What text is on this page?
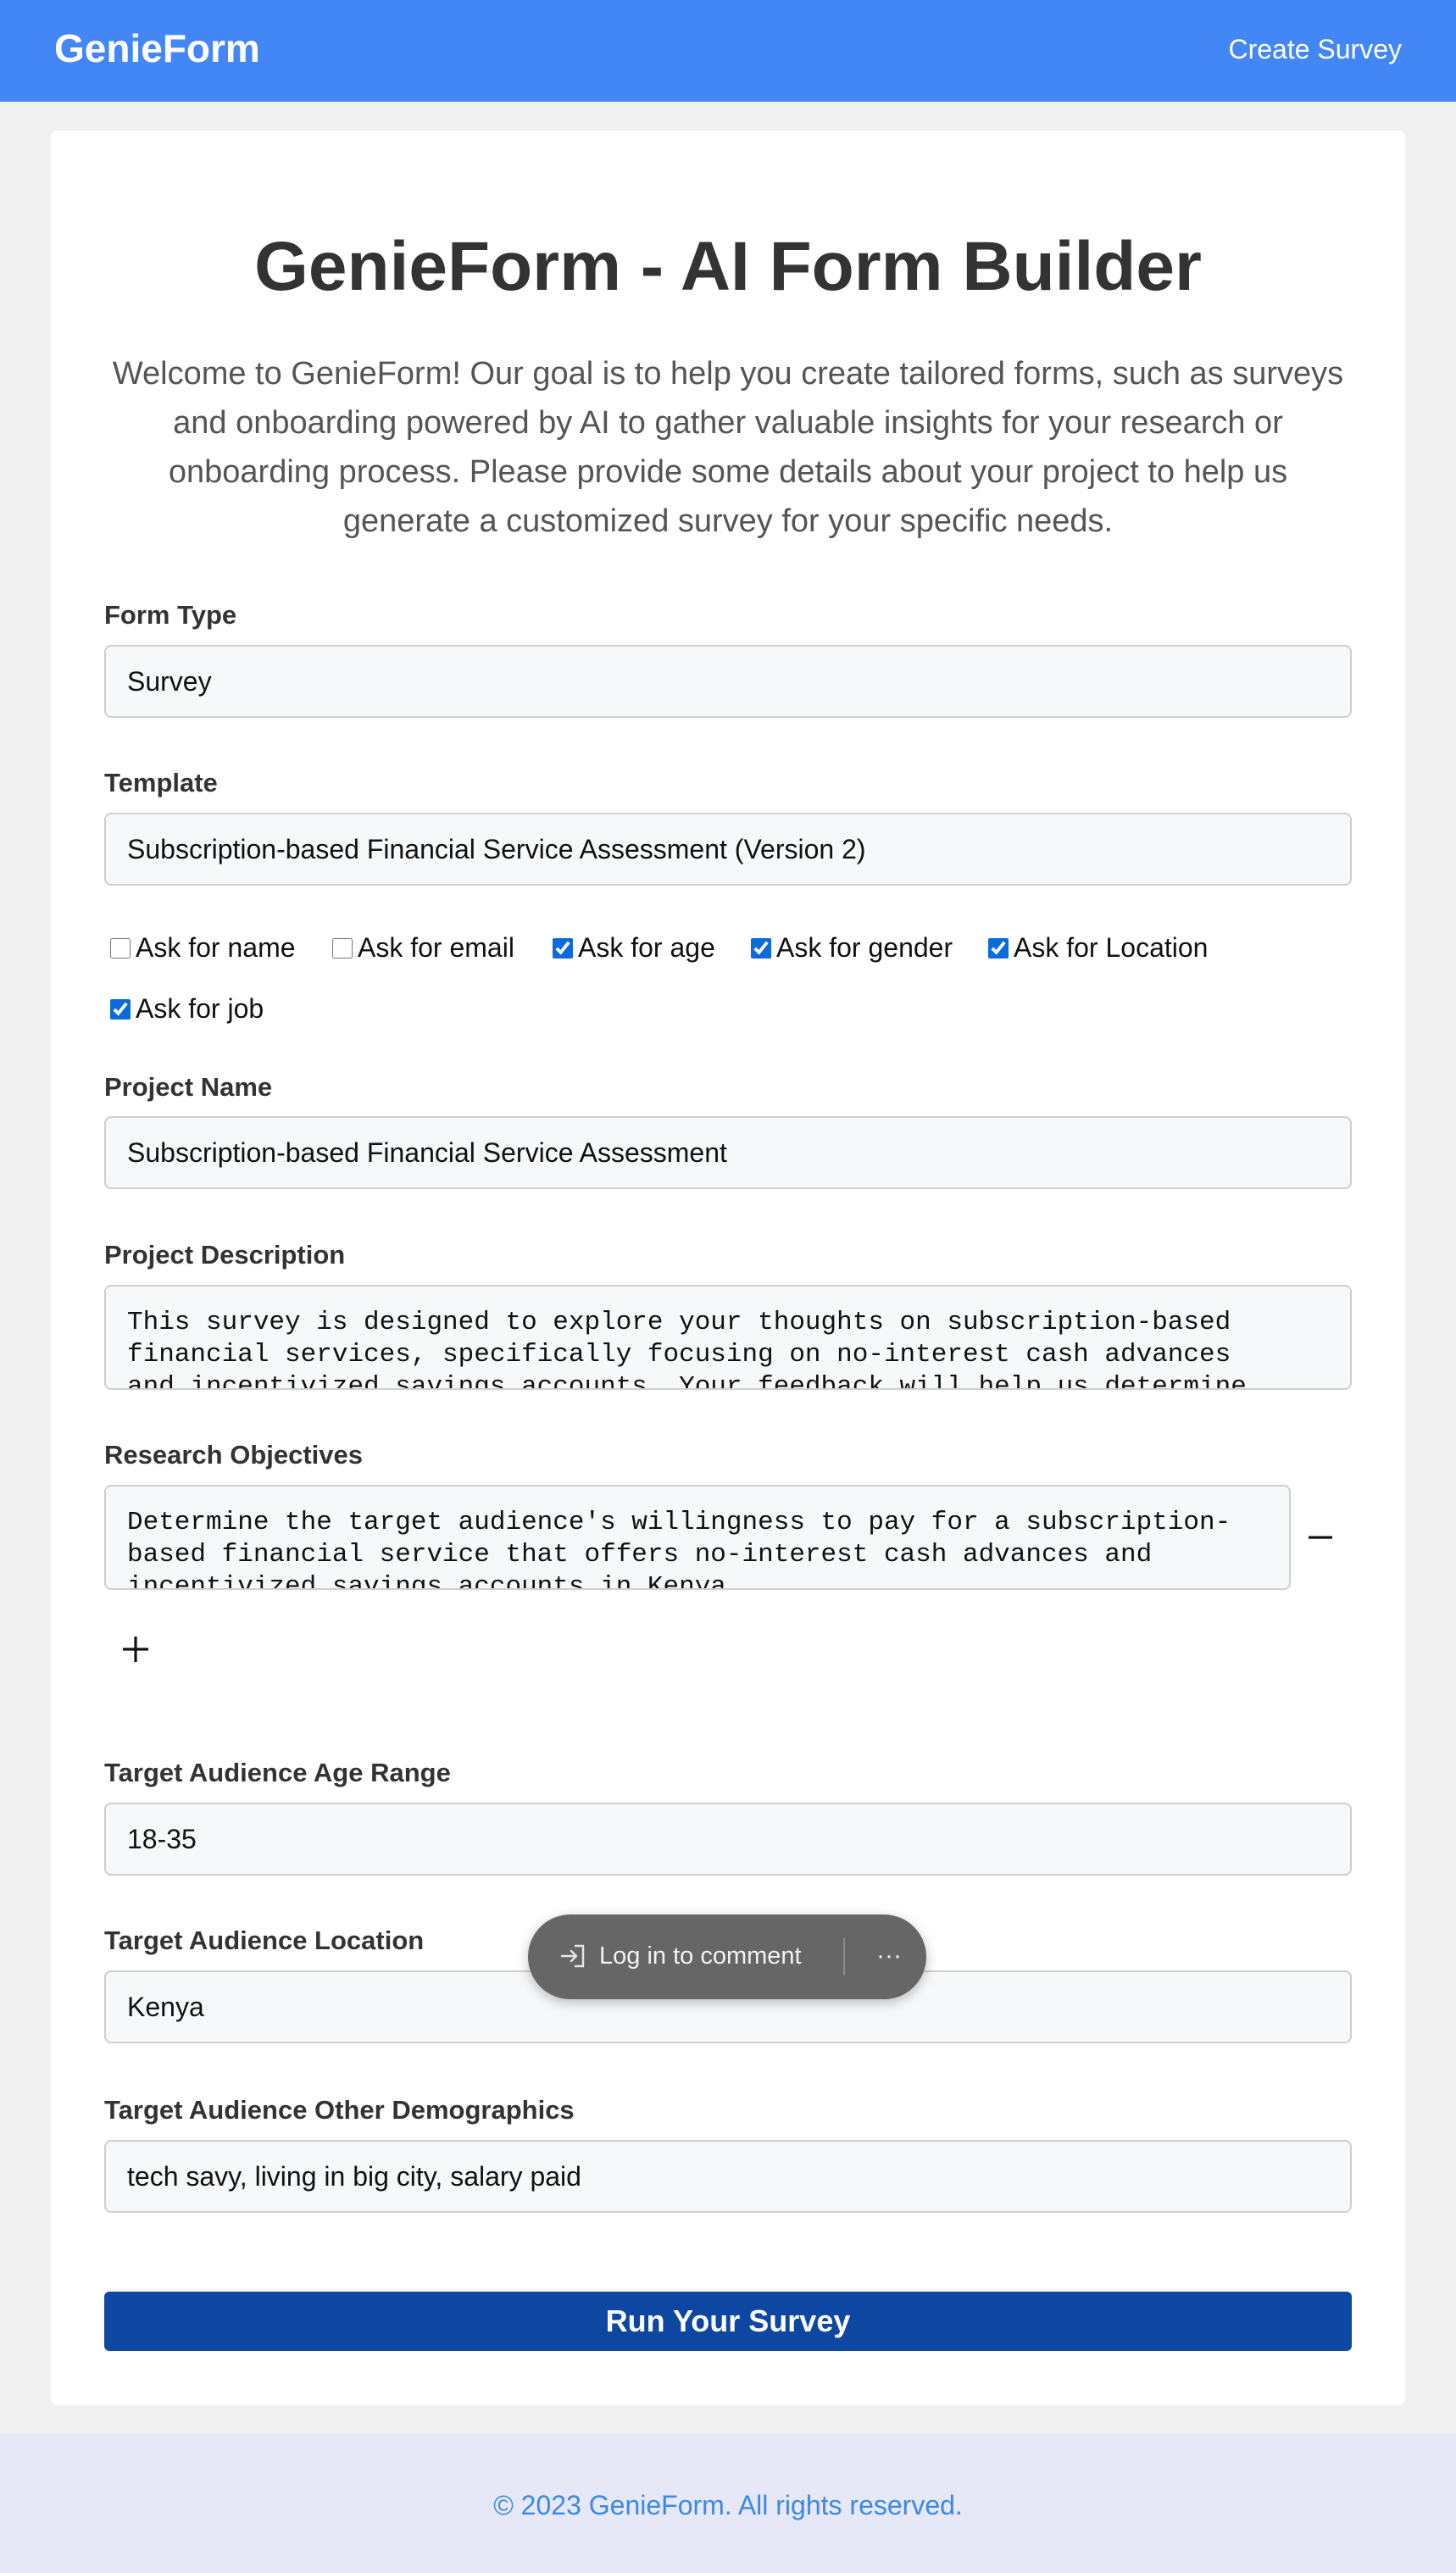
GenieForm	Create Survey
GenieForm - AI Form Builder

Welcome to GenieForm! Our goal is to help you create tailored forms, such as surveys and onboarding powered by AI to gather valuable insights for your research or onboarding process. Please provide some details about your project to help us generate a customized survey for your specific needs.

Form Type
Survey
Template
Subscription-based Financial Service Assessment (Version 2)
Ask for name Ask for email Ask for age Ask for gender Ask for Location
Ask for job
Project Name
Subscription-based Financial Service Assessment
Project Description
This survey is designed to explore your thoughts on subscription-based financial services, specifically focusing on no-interest cash advances and incentivized savings accounts. Your feedback will help us determine
Research Objectives
Determine the target audience's willingness to pay for a subscription- based financial service that offers no-interest cash advances and incentivized savings accounts in Kenya.
Target Audience Age Range
18-35
Target Audience Location
Kenya
Target Audience Other Demographics
tech savy, living in big city, salary paid
Run Your Survey
© 2023 GenieForm. All rights reserved.
Log in to comment	···
